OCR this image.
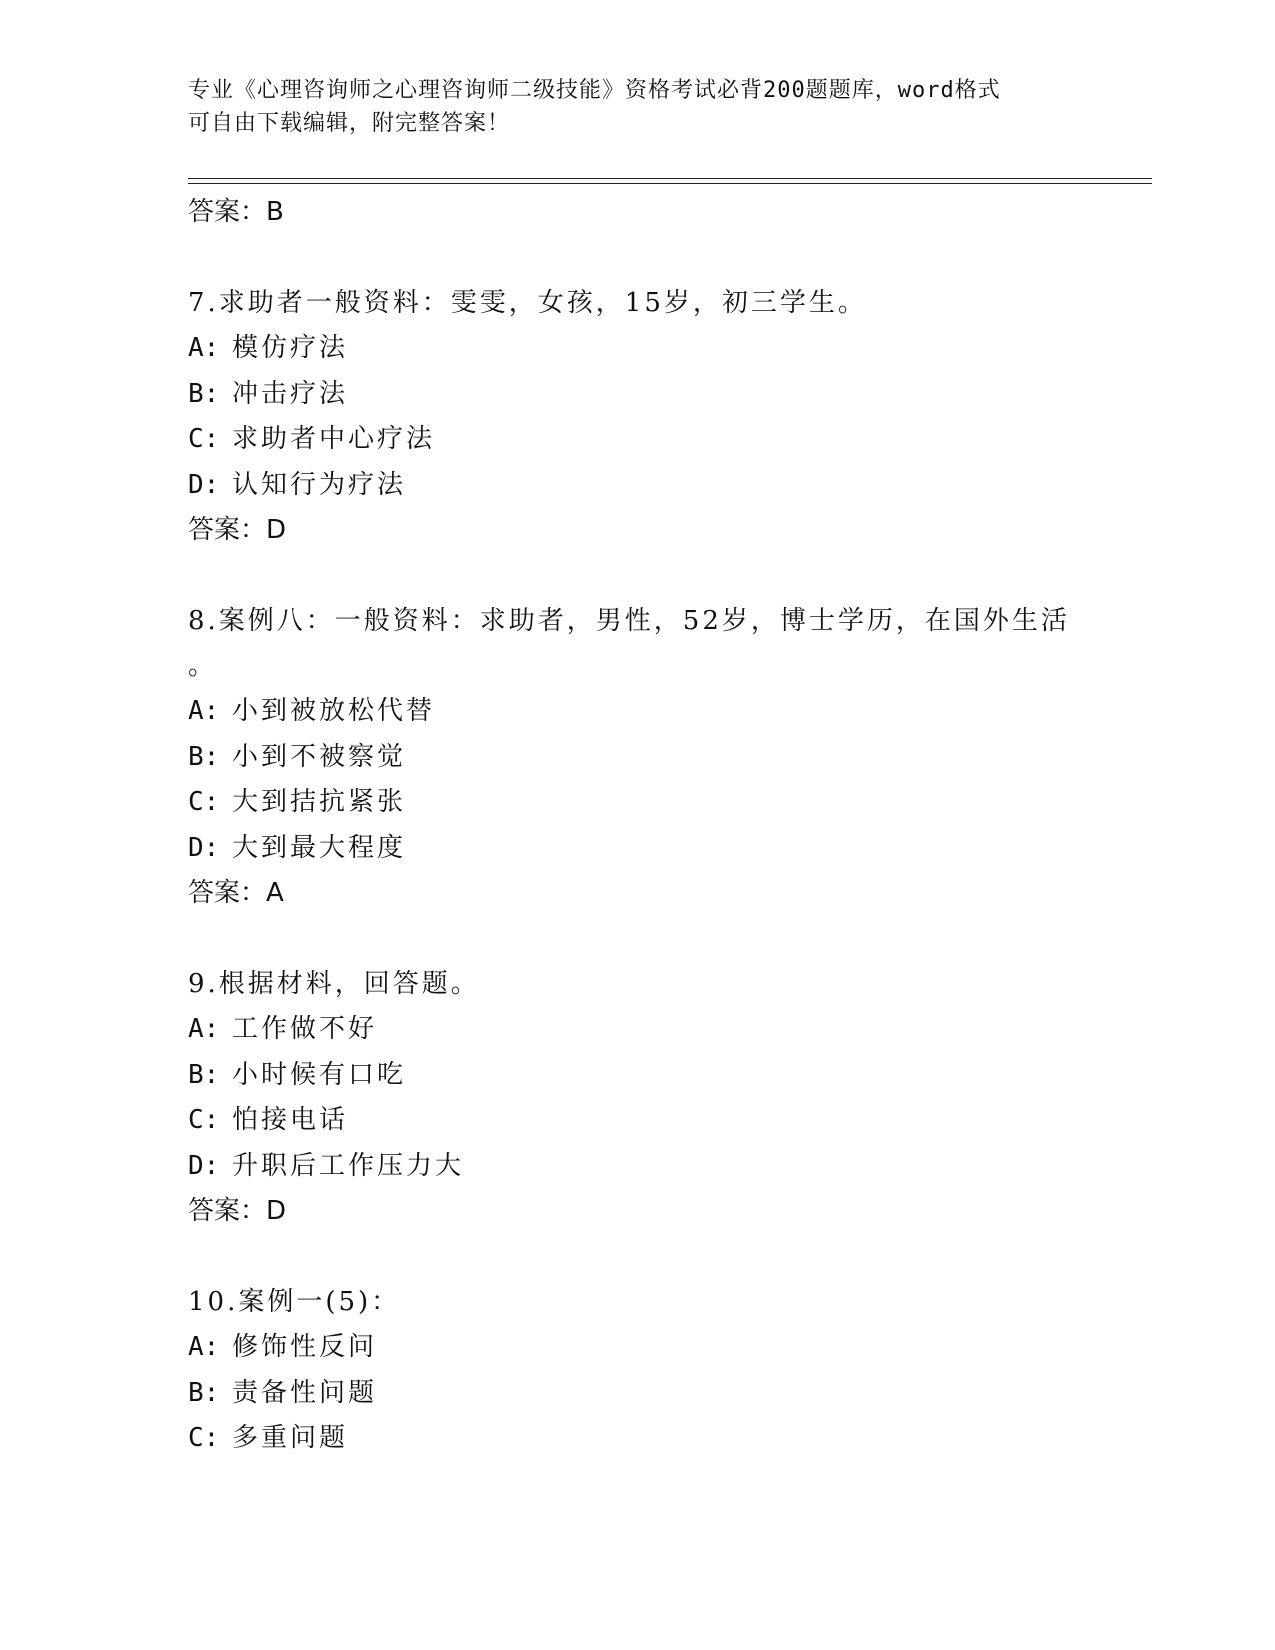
专业《心理咨询师之心理咨询师二级技能》资格考试必背200题题库，word格式
可自由下载编辑，附完整答案！
答案：B
7.求助者一般资料：雯雯，女孩，15岁，初三学生。
A: 模仿疗法
B: 冲击疗法
C: 求助者中心疗法
D: 认知行为疗法
答案：D
8.案例八：一般资料：求助者，男性，52岁，博士学历，在国外生活
。
A: 小到被放松代替
B: 小到不被察觉
C: 大到拮抗紧张
D: 大到最大程度
答案：A
9.根据材料，回答题。
A: 工作做不好
B: 小时候有口吃
C: 怕接电话
D: 升职后工作压力大
答案：D
10.案例一(5)：
A: 修饰性反问
B: 责备性问题
C: 多重问题
